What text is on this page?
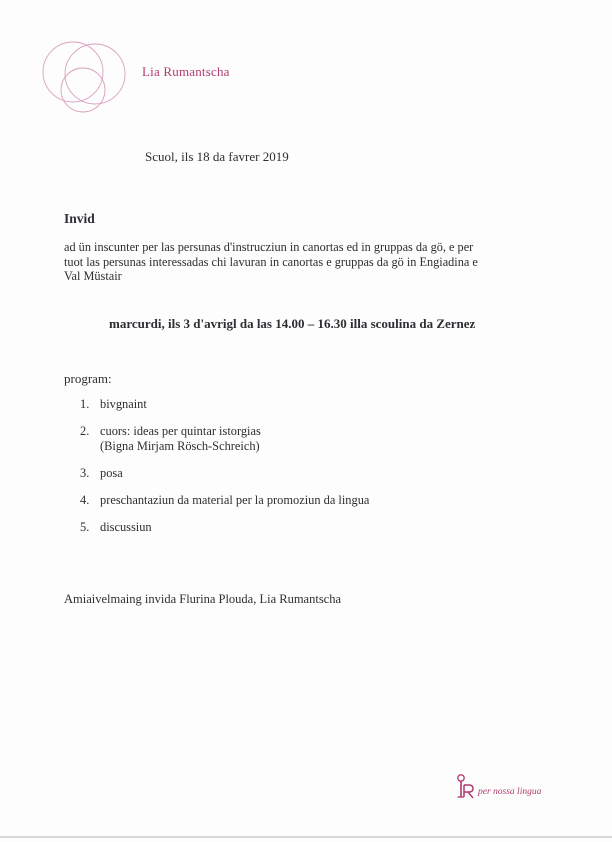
Lia Rumantscha
Scuol, ils 18 da favrer 2019
Invid
ad ün inscunter per las persunas d'instrucziun in canortas ed in gruppas da gö, e per
tuot las persunas interessadas chi lavuran in canortas e gruppas da gö in Engiadina e
Val Müstair
marcurdi, ils 3 d'avrigl da las 14.00 – 16.30 illa scoulina da Zernez
program:
1. bivgnaint
2. cuors: ideas per quintar istorgias
(Bigna Mirjam Rösch-Schreich)
3. posa
4. preschantaziun da material per la promoziun da lingua
5. discussiun
Amiaivelmaing invida Flurina Plouda, Lia Rumantscha
per nossa lingua
